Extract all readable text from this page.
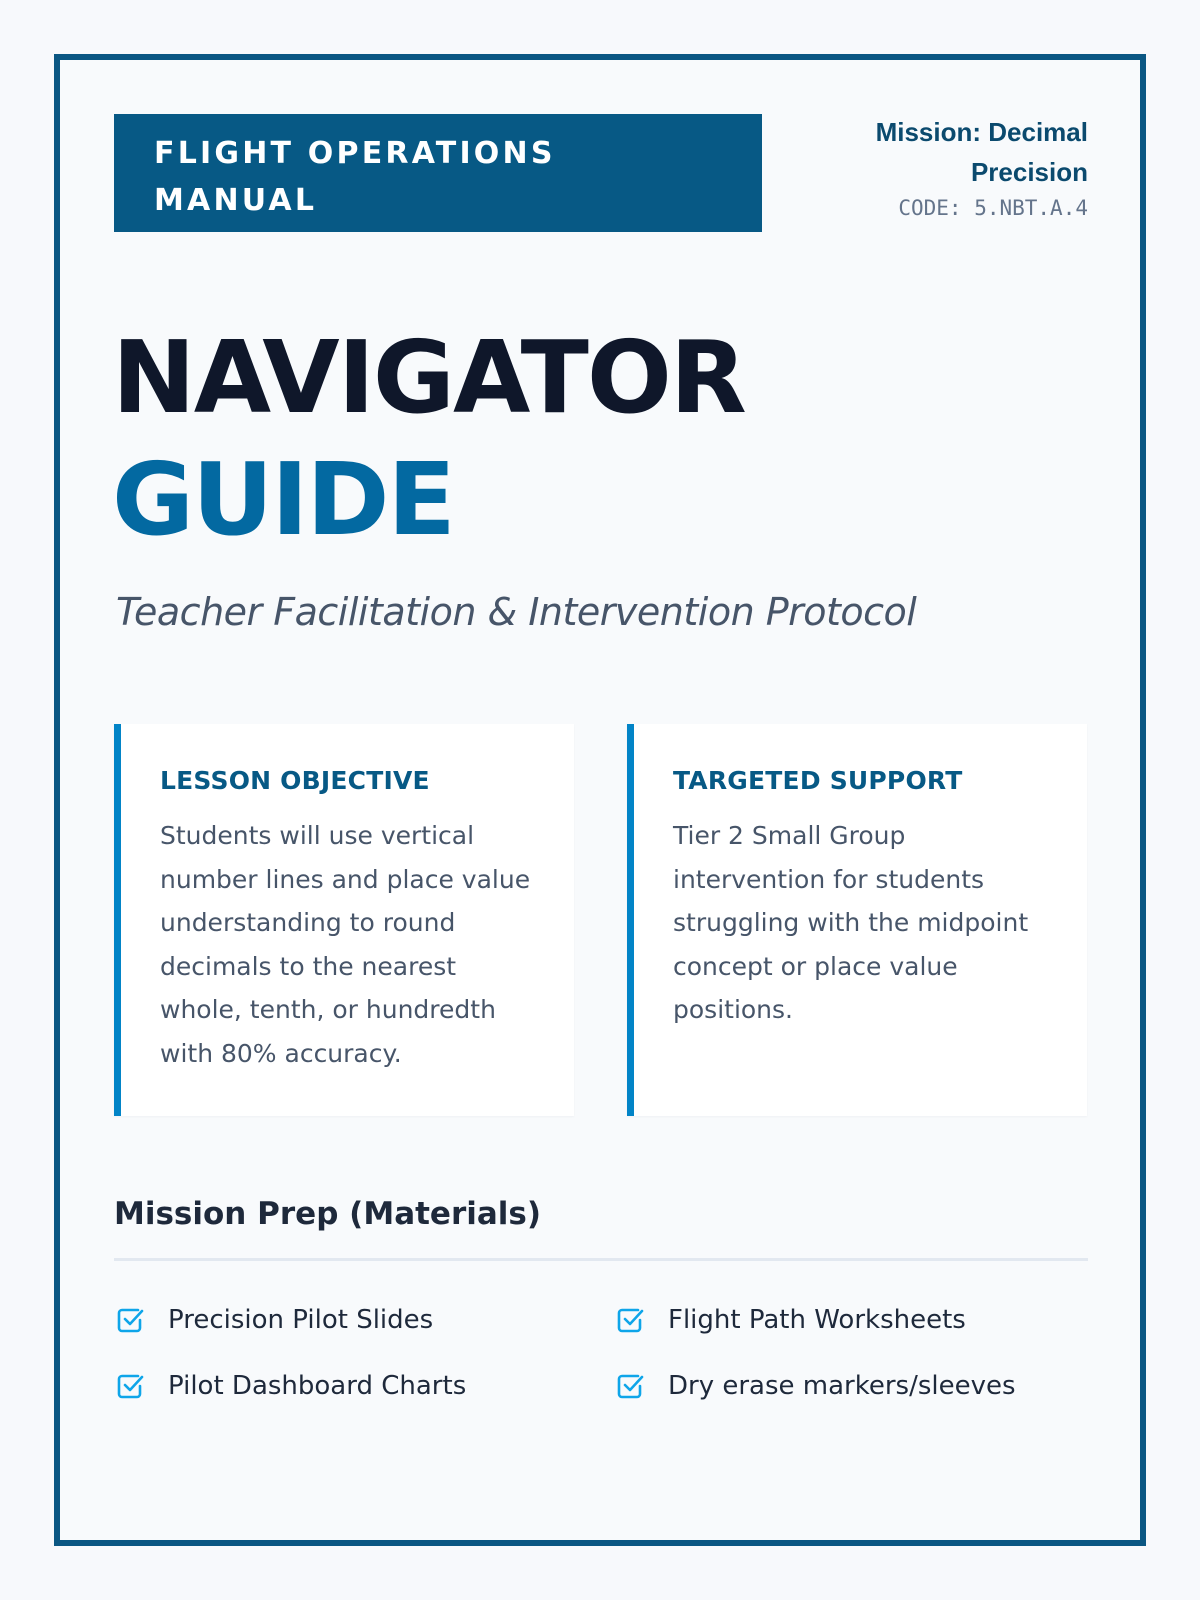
FLIGHT OPERATIONS
MANUAL
Mission: Decimal
Precision
CODE: 5.NBT.A.4
NAVIGATOR
GUIDE
Teacher Facilitation & Intervention Protocol
LESSON OBJECTIVE
Students will use vertical number lines and place value understanding to round decimals to the nearest whole, tenth, or hundredth with 80% accuracy.
TARGETED SUPPORT
Tier 2 Small Group intervention for students struggling with the midpoint concept or place value positions.
Mission Prep (Materials)
Precision Pilot Slides	Flight Path Worksheets
Pilot Dashboard Charts	Dry erase markers/sleeves
